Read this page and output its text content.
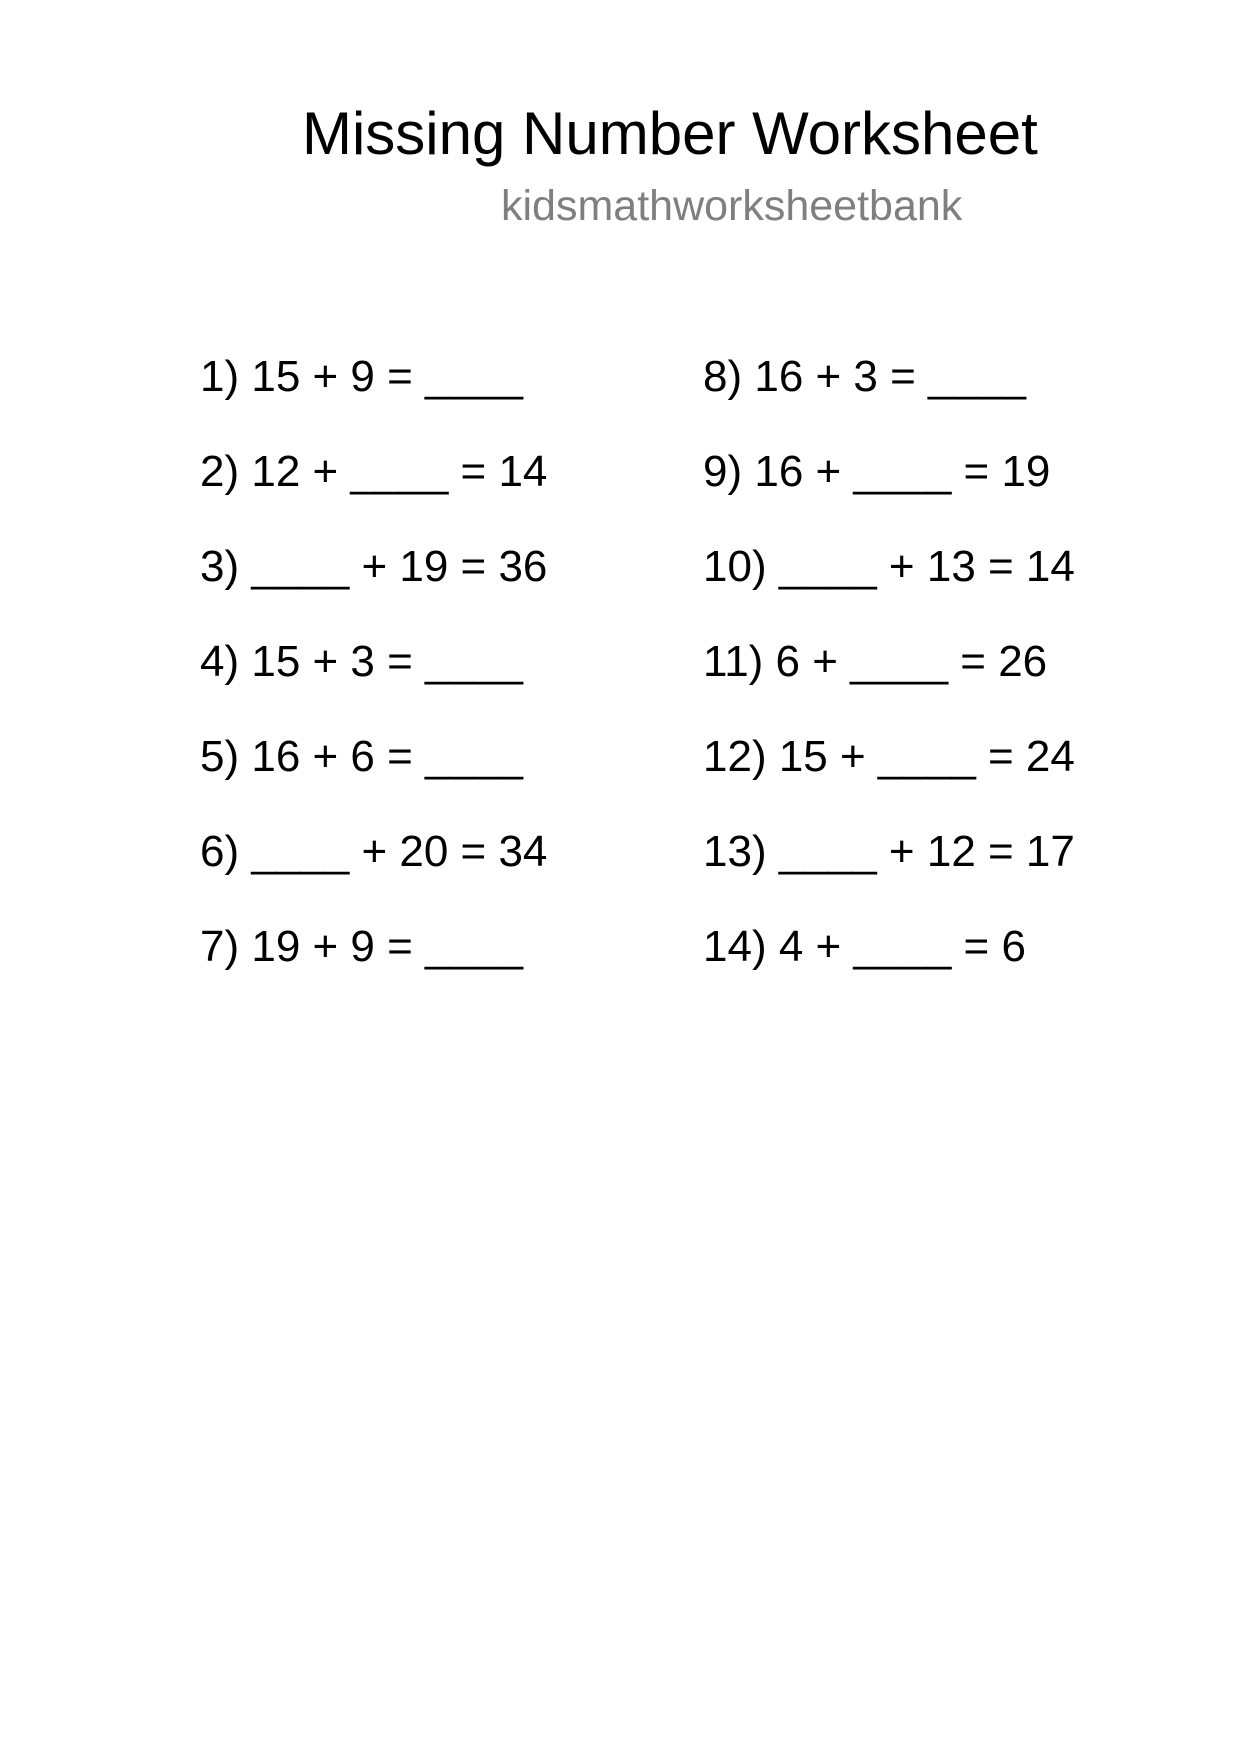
Missing Number Worksheet
kidsmathworksheetbank
1) 15 + 9 = ____
2) 12 + ____ = 14
3) ____ + 19 = 36
4) 15 + 3 = ____
5) 16 + 6 = ____
6) ____ + 20 = 34
7) 19 + 9 = ____
8) 16 + 3 = ____
9) 16 + ____ = 19
10) ____ + 13 = 14
11) 6 + ____ = 26
12) 15 + ____ = 24
13) ____ + 12 = 17
14) 4 + ____ = 6
